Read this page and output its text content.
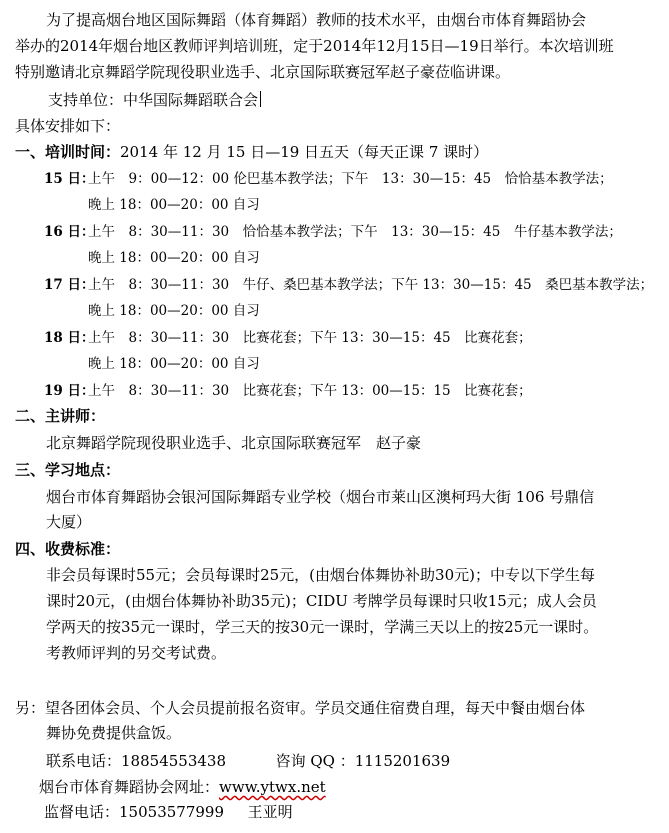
为了提高烟台地区国际舞蹈（体育舞蹈）教师的技术水平，由烟台市体育舞蹈协会
举办的2014年烟台地区教师评判培训班，定于2014年12月15日—19日举行。本次培训班
特别邀请北京舞蹈学院现役职业选手、北京国际联赛冠军赵子豪莅临讲课。
支持单位：中华国际舞蹈联合会
具体安排如下：
一、培训时间：2014 年 12 月 15 日—19 日五天（每天正课 7 课时）
15 日：上午　9：00—12：00 伦巴基本教学法；下午　13：30—15：45　恰恰基本教学法；
晚上 18：00—20：00 自习
16 日：上午　8：30—11：30　恰恰基本教学法；下午　13：30—15：45　牛仔基本教学法；
晚上 18：00—20：00 自习
17 日：上午　8：30—11：30　牛仔、桑巴基本教学法；下午 13：30—15：45　桑巴基本教学法；
晚上 18：00—20：00 自习
18 日：上午　8：30—11：30　比赛花套；下午 13：30—15：45　比赛花套；
晚上 18：00—20：00 自习
19 日：上午　8：30—11：30　比赛花套；下午 13：00—15：15　比赛花套；
二、主讲师：
北京舞蹈学院现役职业选手、北京国际联赛冠军　赵子豪
三、学习地点：
烟台市体育舞蹈协会银河国际舞蹈专业学校（烟台市莱山区澳柯玛大街 106 号鼎信
大厦）
四、收费标准：
非会员每课时55元；会员每课时25元，(由烟台体舞协补助30元)；中专以下学生每
课时20元，(由烟台体舞协补助35元)；CIDU 考牌学员每课时只收15元；成人会员
学两天的按35元一课时，学三天的按30元一课时，学满三天以上的按25元一课时。
考教师评判的另交考试费。
另：望各团体会员、个人会员提前报名资审。学员交通住宿费自理，每天中餐由烟台体
舞协免费提供盒饭。
联系电话：18854553438	咨询 QQ ：1115201639
烟台市体育舞蹈协会网址：www.ytwx.net
监督电话：15053577999 王亚明
